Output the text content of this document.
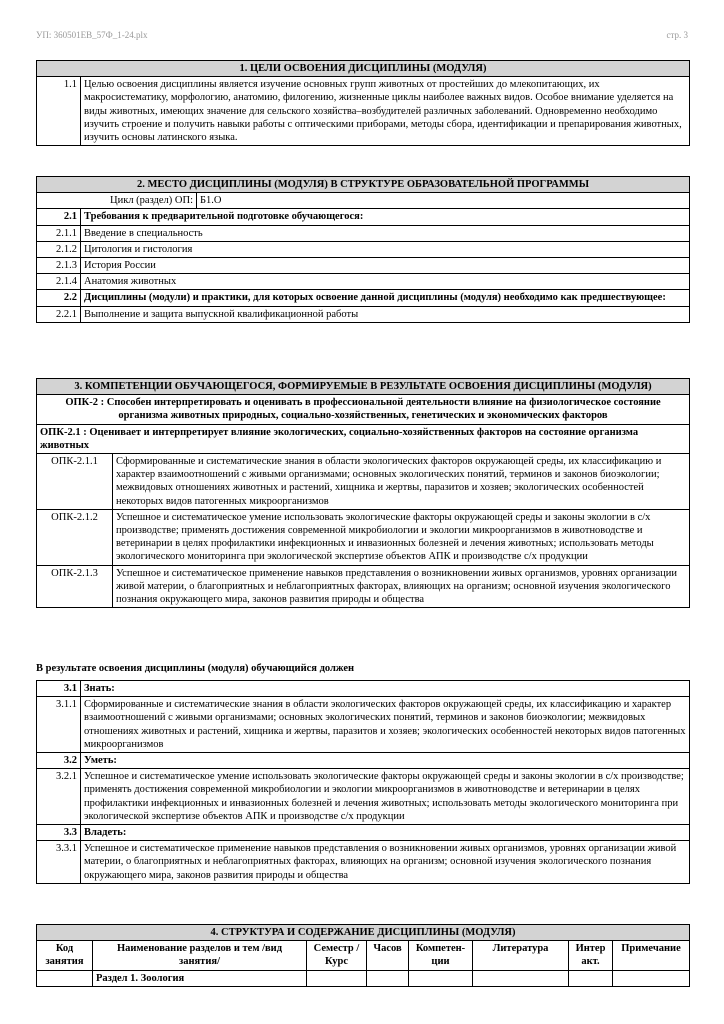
УП: 360501ЕВ_57Ф_1-24.plx	стр. 3
1. ЦЕЛИ ОСВОЕНИЯ ДИСЦИПЛИНЫ (МОДУЛЯ)
1.1	Целью освоения дисциплины является изучение основных групп животных от простейших до млекопитающих, их макросистематику, морфологию, анатомию, филогению, жизненные циклы наиболее важных видов. Особое внимание уделяется на виды животных, имеющих значение для сельского хозяйства–возбудителей различных заболеваний. Одновременно необходимо изучить строение и получить навыки работы с оптическими приборами, методы сбора, идентификации и препарирования животных, изучить основы латинского языка.
2. МЕСТО ДИСЦИПЛИНЫ (МОДУЛЯ) В СТРУКТУРЕ ОБРАЗОВАТЕЛЬНОЙ ПРОГРАММЫ		
Цикл (раздел) ОП:		Б1.О
2.1	Требования к предварительной подготовке обучающегося:	
2.1.1	Введение в специальность	
2.1.2	Цитология и гистология	
2.1.3	История России	
2.1.4	Анатомия животных	
2.2	Дисциплины (модули) и практики, для которых освоение данной дисциплины (модуля) необходимо как предшествующее:	
2.2.1	Выполнение и защита выпускной квалификационной работы	
3. КОМПЕТЕНЦИИ ОБУЧАЮЩЕГОСЯ, ФОРМИРУЕМЫЕ В РЕЗУЛЬТАТЕ ОСВОЕНИЯ ДИСЦИПЛИНЫ (МОДУЛЯ)	
ОПК-2 : Способен интерпретировать и оценивать в профессиональной деятельности влияние на физиологическое состояние организма животных природных, социально-хозяйственных, генетических и экономических факторов	
ОПК-2.1 : Оценивает и интерпретирует влияние экологических, социально-хозяйственных факторов на состояние организма животных	
ОПК-2.1.1	Сформированные и систематические знания в области экологических факторов окружающей среды, их классификацию и характер взаимоотношений с живыми организмами; основных экологических понятий, терминов и законов биоэкологии; межвидовых отношениях животных и растений, хищника и жертвы, паразитов и хозяев; экологических особенностей некоторых видов патогенных микроорганизмов
ОПК-2.1.2	Успешное и систематическое умение использовать экологические факторы окружающей среды и законы экологии в с/х производстве; применять достижения современной микробиологии и экологии микроорганизмов в животноводстве и ветеринарии в целях профилактики инфекционных и инвазионных болезней и лечения животных; использовать методы экологического мониторинга при экологической экспертизе объектов АПК и производстве с/х продукции
ОПК-2.1.3	Успешное и систематическое применение навыков представления о возникновении живых организмов, уровнях организации живой материи, о благоприятных и неблагоприятных факторах, влияющих на организм; основной изучения экологического познания окружающего мира, законов развития природы и общества
В результате освоения дисциплины (модуля) обучающийся должен
3.1	Знать:
3.1.1	Сформированные и систематические знания в области экологических факторов окружающей среды, их классификацию и характер взаимоотношений с живыми организмами; основных экологических понятий, терминов и законов биоэкологии; межвидовых отношениях животных и растений, хищника и жертвы, паразитов и хозяев; экологических особенностей некоторых видов патогенных микроорганизмов
3.2	Уметь:
3.2.1	Успешное и систематическое умение использовать экологические факторы окружающей среды и законы экологии в с/х производстве; применять достижения современной микробиологии и экологии микроорганизмов в животноводстве и ветеринарии в целях профилактики инфекционных и инвазионных болезней и лечения животных; использовать методы экологического мониторинга при экологической экспертизе объектов АПК и производстве с/х продукции
3.3	Владеть:
3.3.1	Успешное и систематическое применение навыков представления о возникновении живых организмов, уровнях организации живой материи, о благоприятных и неблагоприятных факторах, влияющих на организм; основной изучения экологического познания окружающего мира, законов развития природы и общества
4. СТРУКТУРА И СОДЕРЖАНИЕ ДИСЦИПЛИНЫ (МОДУЛЯ)							
Код занятия	Наименование разделов и тем /вид занятия/	Семестр / Курс	Часов	Компетен-ции	Литература	Интер акт.	Примечание
	Раздел 1. Зоология						
